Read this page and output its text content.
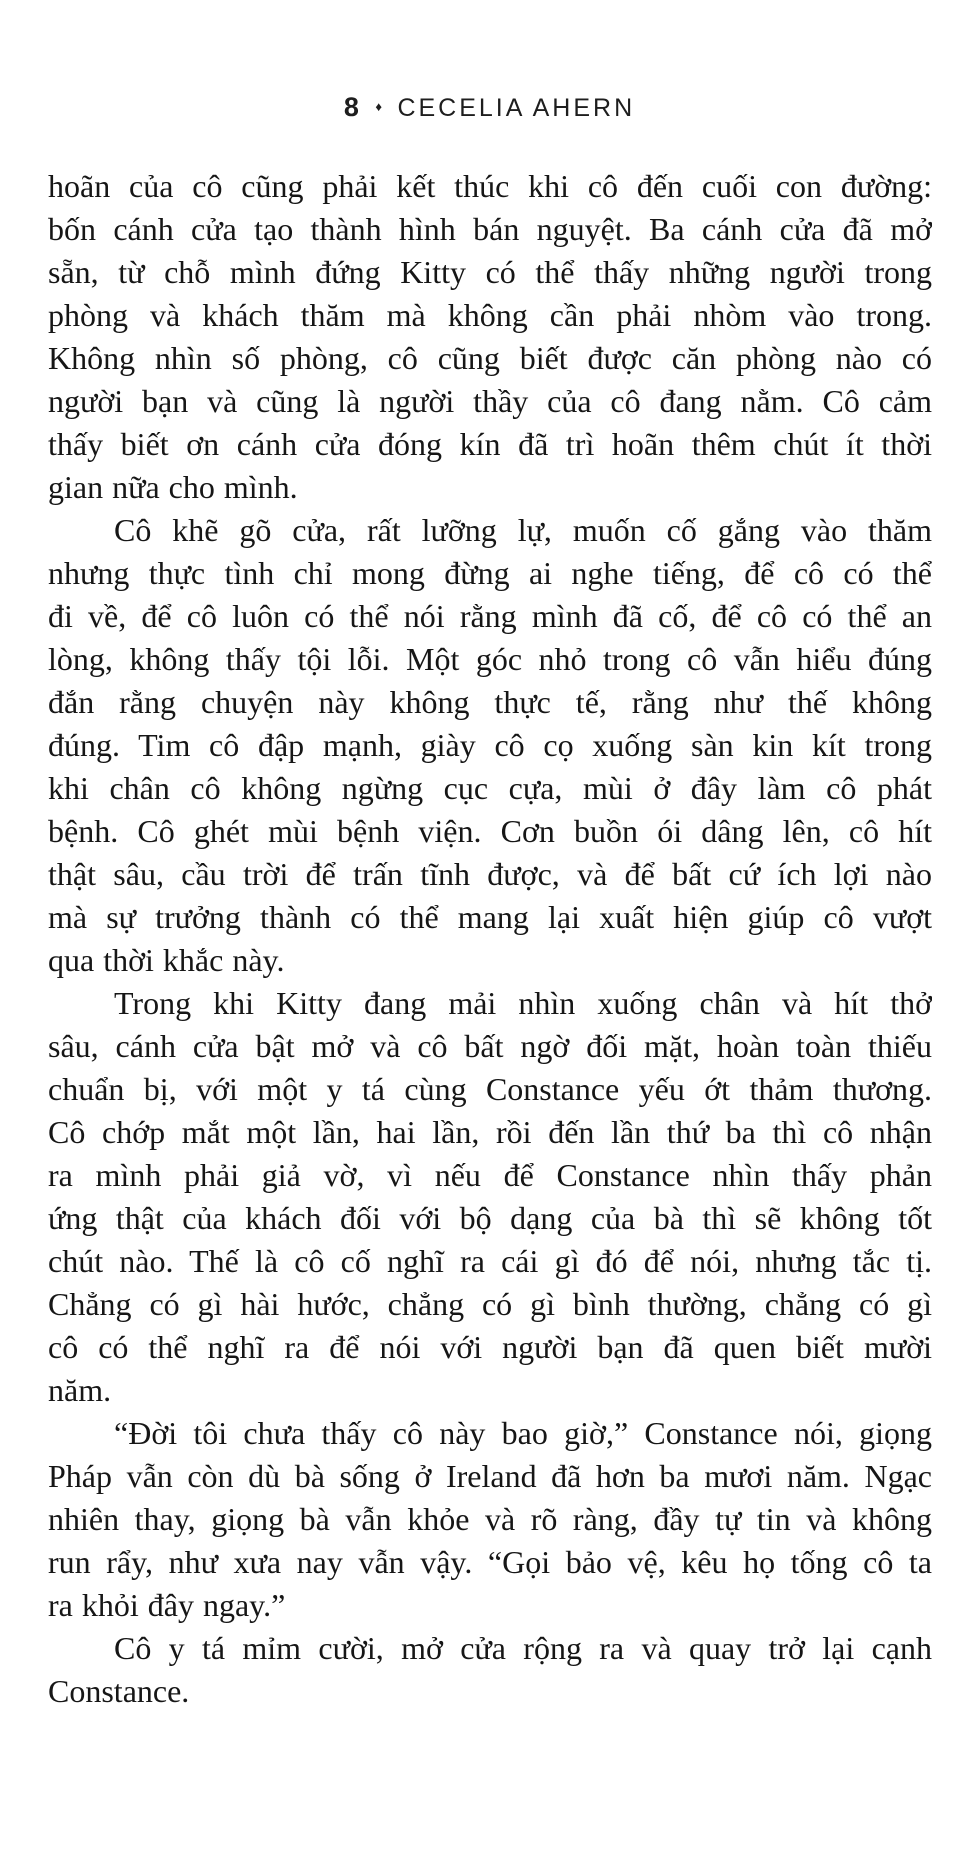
8 ♦ CECELIA AHERN

hoãn của cô cũng phải kết thúc khi cô đến cuối con đường:
bốn cánh cửa tạo thành hình bán nguyệt. Ba cánh cửa đã mở
sẵn, từ chỗ mình đứng Kitty có thể thấy những người trong
phòng và khách thăm mà không cần phải nhòm vào trong.
Không nhìn số phòng, cô cũng biết được căn phòng nào có
người bạn và cũng là người thầy của cô đang nằm. Cô cảm
thấy biết ơn cánh cửa đóng kín đã trì hoãn thêm chút ít thời
gian nữa cho mình.

Cô khẽ gõ cửa, rất lưỡng lự, muốn cố gắng vào thăm
nhưng thực tình chỉ mong đừng ai nghe tiếng, để cô có thể
đi về, để cô luôn có thể nói rằng mình đã cố, để cô có thể an
lòng, không thấy tội lỗi. Một góc nhỏ trong cô vẫn hiểu đúng
đắn rằng chuyện này không thực tế, rằng như thế không
đúng. Tim cô đập mạnh, giày cô cọ xuống sàn kin kít trong
khi chân cô không ngừng cục cựa, mùi ở đây làm cô phát
bệnh. Cô ghét mùi bệnh viện. Cơn buồn ói dâng lên, cô hít
thật sâu, cầu trời để trấn tĩnh được, và để bất cứ ích lợi nào
mà sự trưởng thành có thể mang lại xuất hiện giúp cô vượt
qua thời khắc này.

Trong khi Kitty đang mải nhìn xuống chân và hít thở
sâu, cánh cửa bật mở và cô bất ngờ đối mặt, hoàn toàn thiếu
chuẩn bị, với một y tá cùng Constance yếu ớt thảm thương.
Cô chớp mắt một lần, hai lần, rồi đến lần thứ ba thì cô nhận
ra mình phải giả vờ, vì nếu để Constance nhìn thấy phản
ứng thật của khách đối với bộ dạng của bà thì sẽ không tốt
chút nào. Thế là cô cố nghĩ ra cái gì đó để nói, nhưng tắc tị.
Chẳng có gì hài hước, chẳng có gì bình thường, chẳng có gì
cô có thể nghĩ ra để nói với người bạn đã quen biết mười
năm.

“Đời tôi chưa thấy cô này bao giờ,” Constance nói, giọng
Pháp vẫn còn dù bà sống ở Ireland đã hơn ba mươi năm. Ngạc
nhiên thay, giọng bà vẫn khỏe và rõ ràng, đầy tự tin và không
run rẩy, như xưa nay vẫn vậy. “Gọi bảo vệ, kêu họ tống cô ta
ra khỏi đây ngay.”

Cô y tá mỉm cười, mở cửa rộng ra và quay trở lại cạnh
Constance.
